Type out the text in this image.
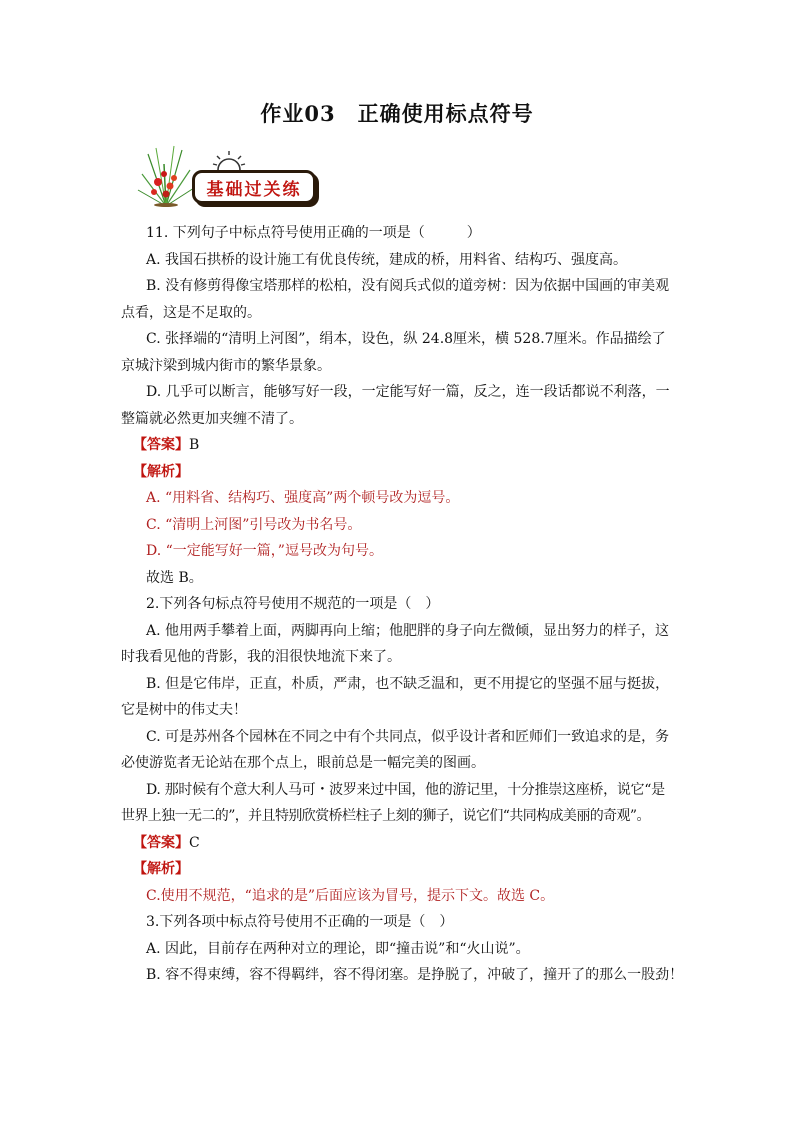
作业03　正确使用标点符号
基础过关练

11. 下列句子中标点符号使用正确的一项是（　　　）

A. 我国石拱桥的设计施工有优良传统，建成的桥，用料省、结构巧、强度高。

B. 没有修剪得像宝塔那样的松柏，没有阅兵式似的道旁树：因为依据中国画的审美观

点看，这是不足取的。

C. 张择端的“清明上河图”，绢本，设色，纵 24.8厘米，横 528.7厘米。作品描绘了

京城汴梁到城内街市的繁华景象。

D. 几乎可以断言，能够写好一段，一定能写好一篇，反之，连一段话都说不利落，一

整篇就必然更加夹缠不清了。

【答案】B

【解析】

A. “用料省、结构巧、强度高”两个顿号改为逗号。

C. “清明上河图”引号改为书名号。

D. “一定能写好一篇，”逗号改为句号。

故选 B。

2.下列各句标点符号使用不规范的一项是（　）

A. 他用两手攀着上面，两脚再向上缩；他肥胖的身子向左微倾，显出努力的样子，这

时我看见他的背影，我的泪很快地流下来了。

B. 但是它伟岸，正直，朴质，严肃，也不缺乏温和，更不用提它的坚强不屈与挺拔，

它是树中的伟丈夫！

C. 可是苏州各个园林在不同之中有个共同点，似乎设计者和匠师们一致追求的是，务

必使游览者无论站在那个点上，眼前总是一幅完美的图画。

D. 那时候有个意大利人马可・波罗来过中国，他的游记里，十分推崇这座桥，说它“是

世界上独一无二的”，并且特别欣赏桥栏柱子上刻的狮子，说它们“共同构成美丽的奇观”。

【答案】C

【解析】

C.使用不规范，“追求的是”后面应该为冒号，提示下文。故选 C。

3.下列各项中标点符号使用不正确的一项是（　）

A. 因此，目前存在两种对立的理论，即“撞击说”和“火山说”。

B. 容不得束缚，容不得羁绊，容不得闭塞。是挣脱了，冲破了，撞开了的那么一股劲！
